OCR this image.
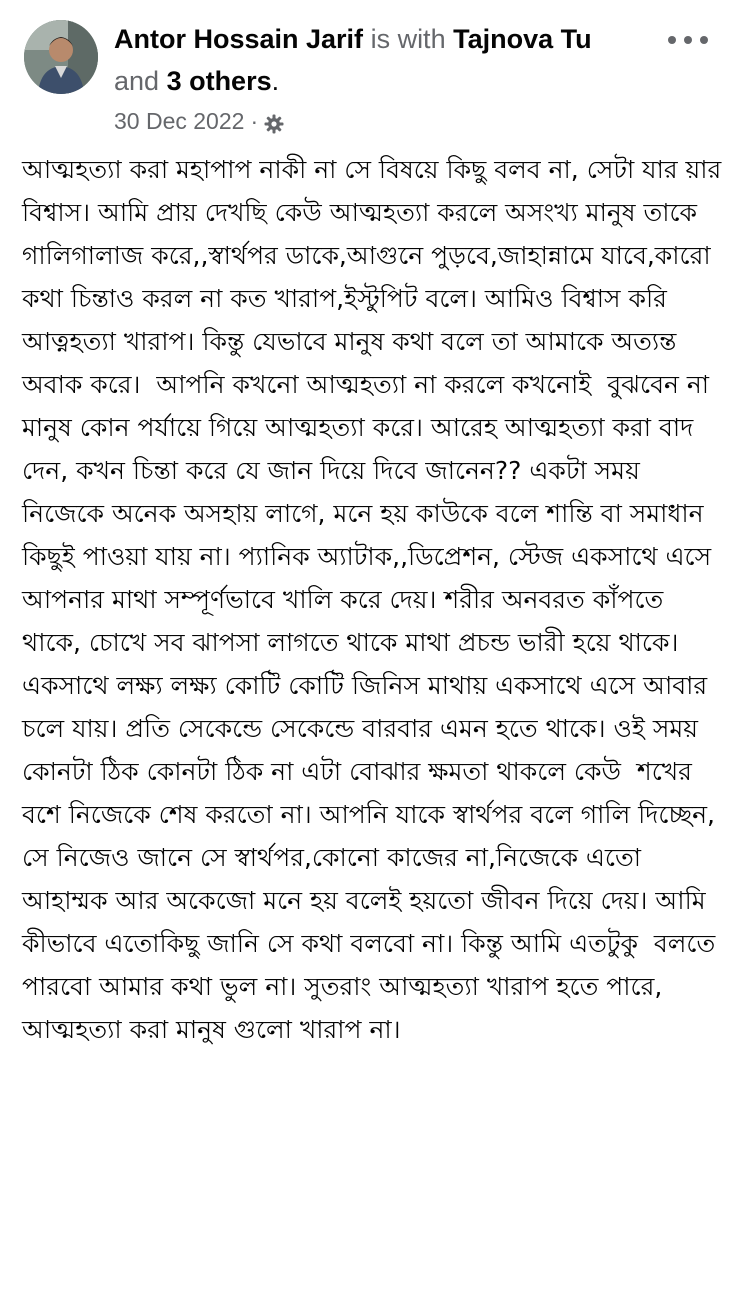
Antor Hossain Jarif is with Tajnova Tu
and 3 others.
30 Dec 2022 ·
আত্মহত্যা করা মহাপাপ নাকী না সে বিষয়ে কিছু বলব না, সেটা যার য়ার বিশ্বাস। আমি প্রায় দেখছি কেউ আত্মহত্যা করলে অসংখ্য মানুষ তাকে গালিগালাজ করে,,স্বার্থপর ডাকে,আগুনে পুড়বে,জাহান্নামে যাবে,কারো কথা চিন্তাও করল না কত খারাপ,ইস্টুপিট বলে। আমিও বিশ্বাস করি আত্নহত্যা খারাপ। কিন্তু যেভাবে মানুষ কথা বলে তা আমাকে অত্যন্ত অবাক করে।  আপনি কখনো আত্মহত্যা না করলে কখনোই  বুঝবেন না মানুষ কোন পর্যায়ে গিয়ে আত্মহত্যা করে। আরেহ আত্মহত্যা করা বাদ দেন, কখন চিন্তা করে যে জান দিয়ে দিবে জানেন?? একটা সময় নিজেকে অনেক অসহায় লাগে, মনে হয় কাউকে বলে শান্তি বা সমাধান কিছুই পাওয়া যায় না। প্যানিক অ্যাটাক,,ডিপ্রেশন, স্টেজ একসাথে এসে আপনার মাথা সম্পূর্ণভাবে খালি করে দেয়। শরীর অনবরত কাঁপতে থাকে, চোখে সব ঝাপসা লাগতে থাকে মাথা প্রচন্ড ভারী হয়ে থাকে। একসাথে লক্ষ্য লক্ষ্য কোটি কোটি জিনিস মাথায় একসাথে এসে আবার চলে যায়। প্রতি সেকেন্ডে সেকেন্ডে বারবার এমন হতে থাকে। ওই সময় কোনটা ঠিক কোনটা ঠিক না এটা বোঝার ক্ষমতা থাকলে কেউ  শখের বশে নিজেকে শেষ করতো না। আপনি যাকে স্বার্থপর বলে গালি দিচ্ছেন, সে নিজেও জানে সে স্বার্থপর,কোনো কাজের না,নিজেকে এতো আহাম্মক আর অকেজো মনে হয় বলেই হয়তো জীবন দিয়ে দেয়। আমি কীভাবে এতোকিছু জানি সে কথা বলবো না। কিন্তু আমি এতটুকু  বলতে পারবো আমার কথা ভুল না। সুতরাং আত্মহত্যা খারাপ হতে পারে, আত্মহত্যা করা মানুষ গুলো খারাপ না।
